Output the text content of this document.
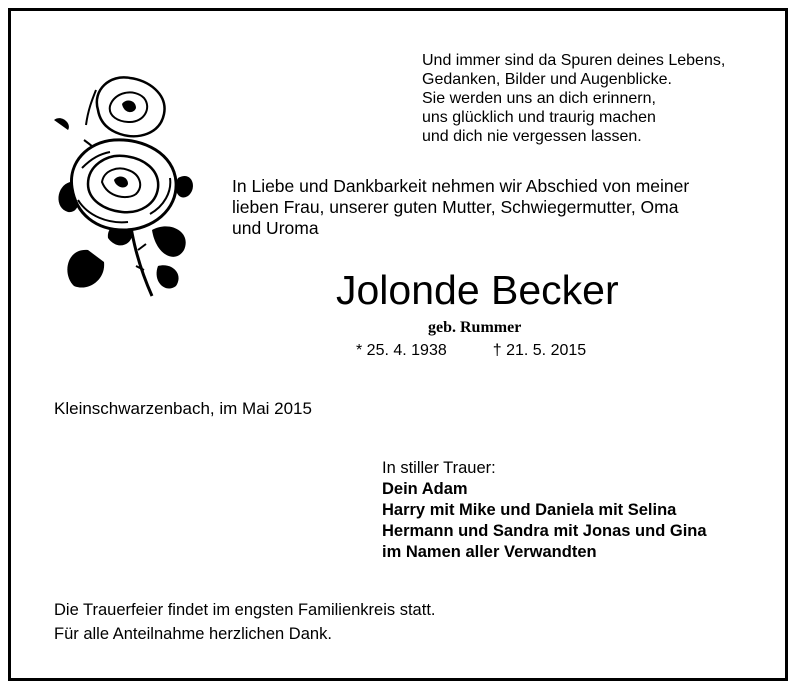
Und immer sind da Spuren deines Lebens,
Gedanken, Bilder und Augenblicke.
Sie werden uns an dich erinnern,
uns glücklich und traurig machen
und dich nie vergessen lassen.
In Liebe und Dankbarkeit nehmen wir Abschied von meiner
lieben Frau, unserer guten Mutter, Schwiegermutter, Oma
und Uroma
Jolonde Becker
geb. Rummer
* 25. 4. 1938	† 21. 5. 2015
Kleinschwarzenbach, im Mai 2015
In stiller Trauer:
Dein Adam
Harry mit Mike und Daniela mit Selina
Hermann und Sandra mit Jonas und Gina
im Namen aller Verwandten
Die Trauerfeier findet im engsten Familienkreis statt.
Für alle Anteilnahme herzlichen Dank.
